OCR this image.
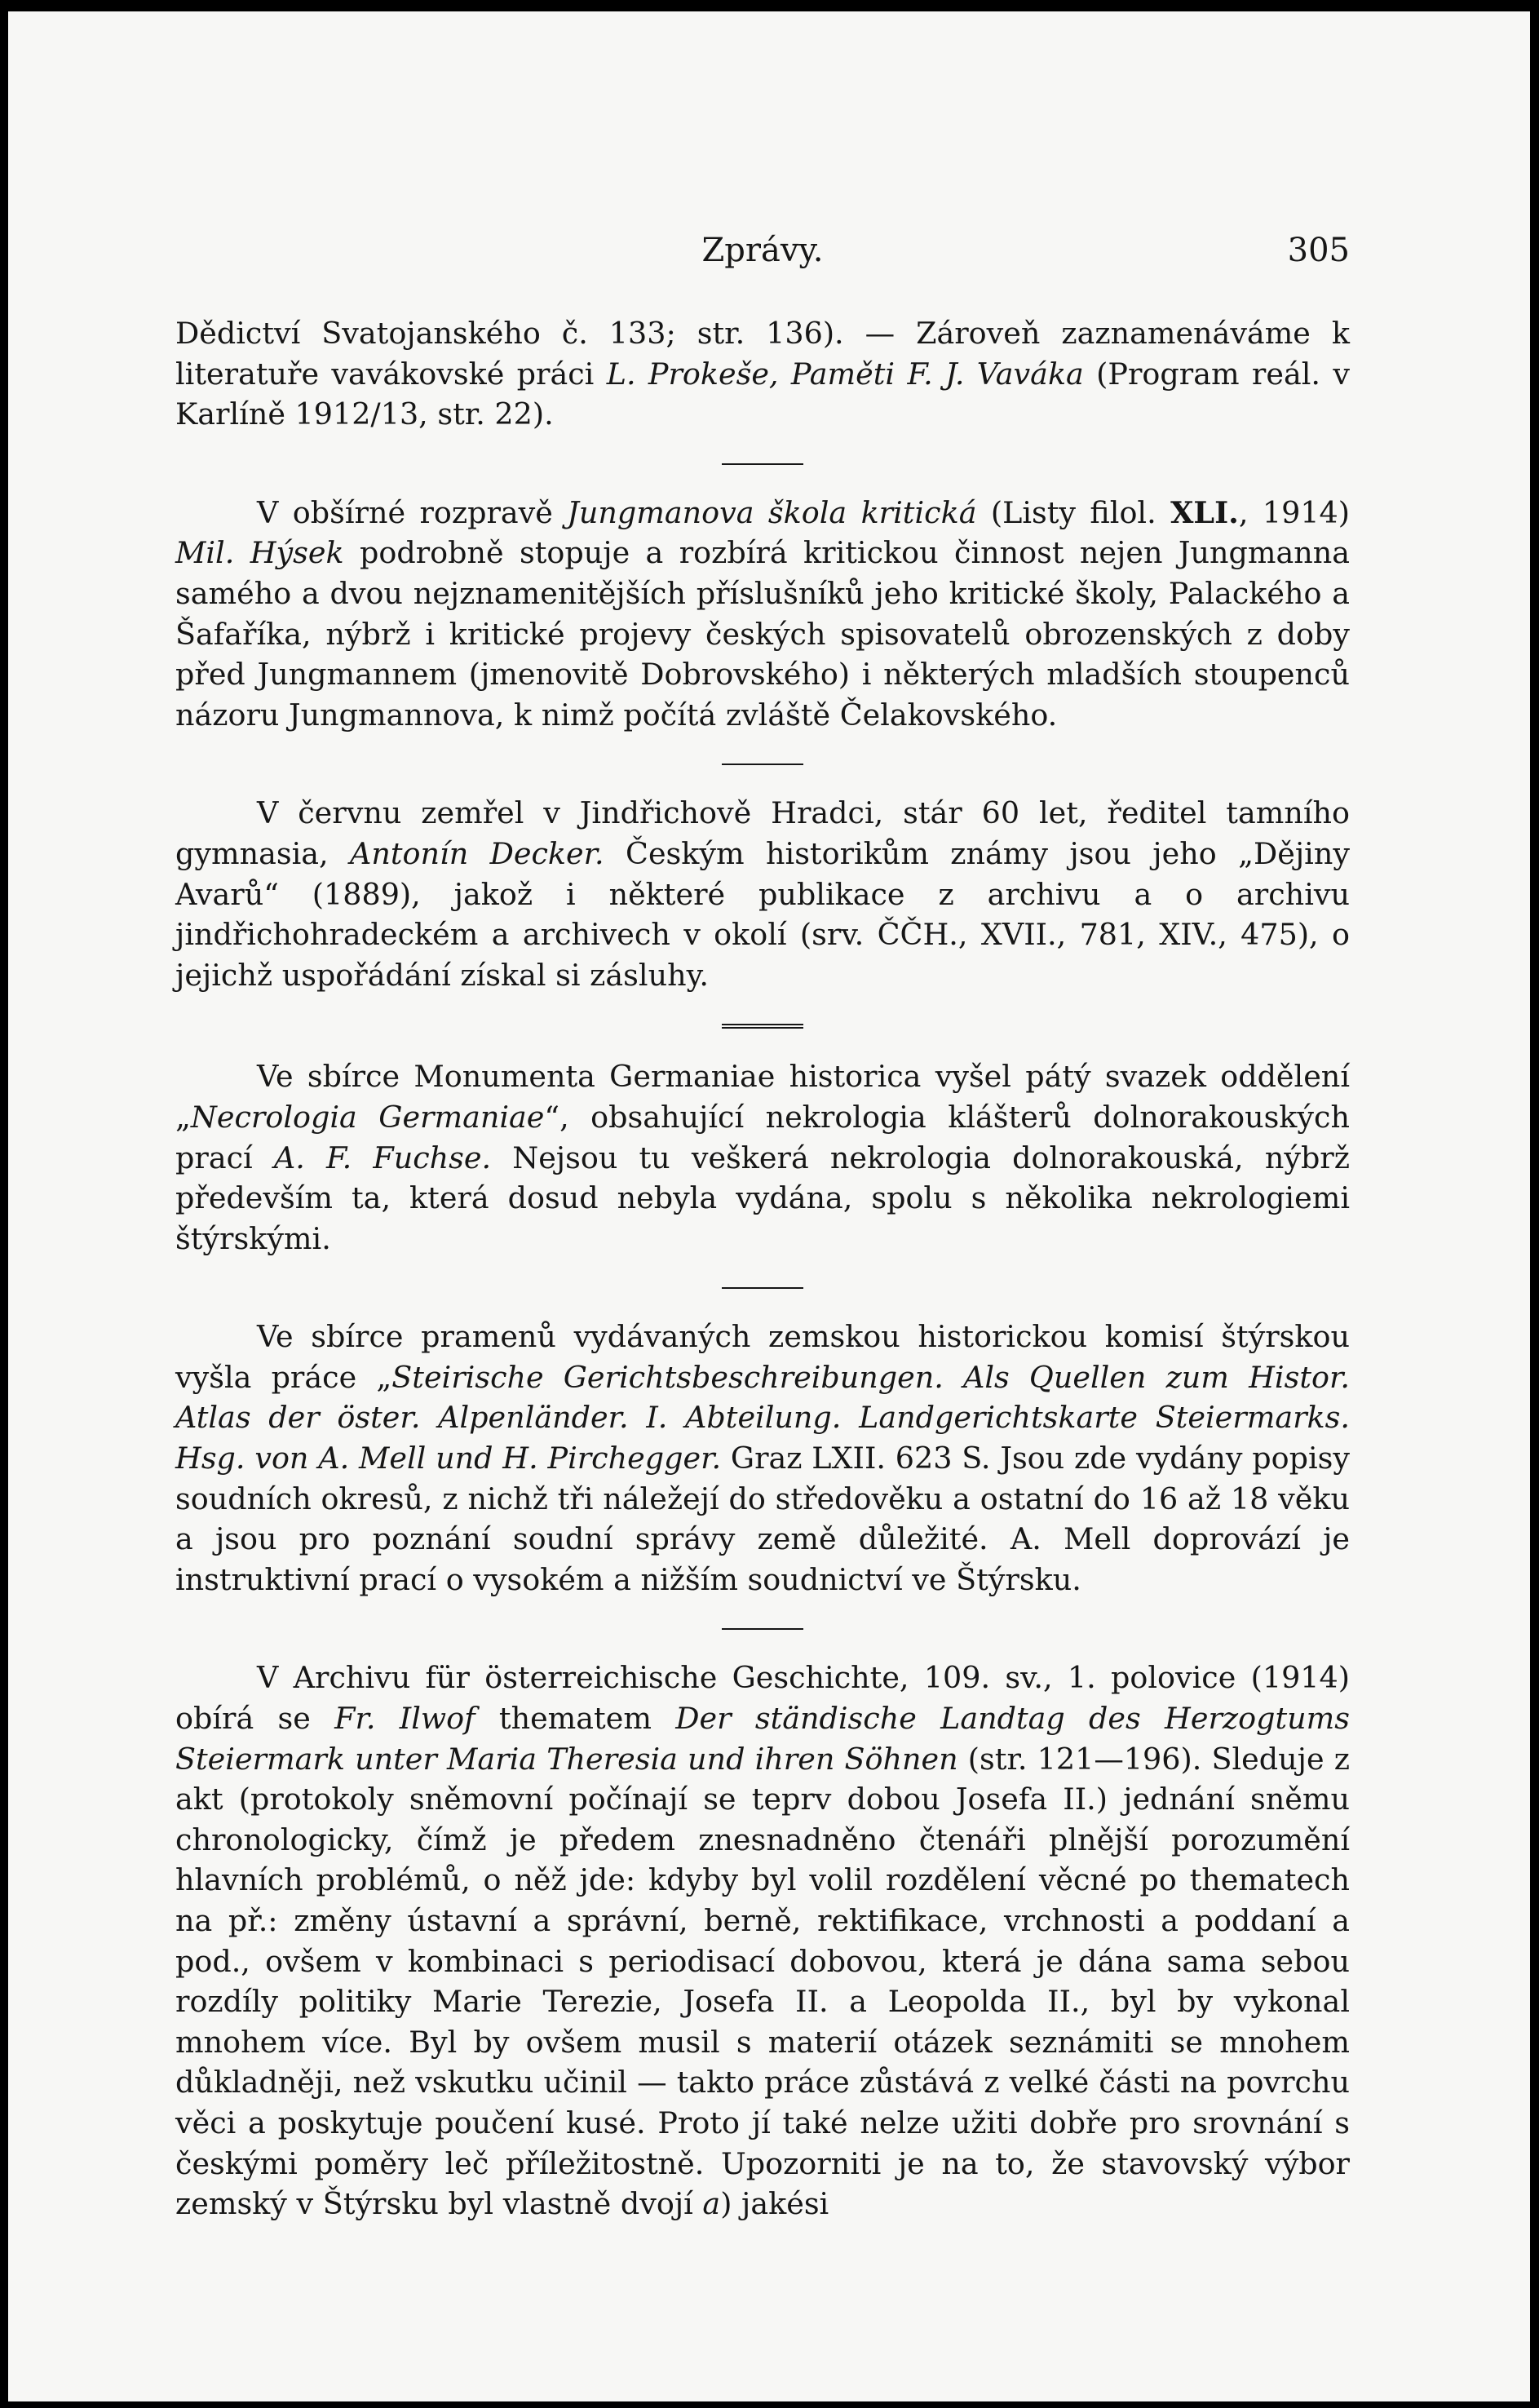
Zprávy.	305

Dědictví Svatojanského č. 133; str. 136). — Zároveň zaznamenáváme k literatuře vavákovské práci L. Prokeše, Paměti F. J. Vaváka (Program reál. v Karlíně 1912/13, str. 22).

V obšírné rozpravě Jungmanova škola kritická (Listy filol. XLI., 1914) Mil. Hýsek podrobně stopuje a rozbírá kritickou činnost nejen Jungmanna samého a dvou nejznamenitějších příslušníků jeho kritické školy, Palackého a Šafaříka, nýbrž i kritické projevy českých spisovatelů obrozenských z doby před Jungmannem (jmenovitě Dobrovského) i některých mladších stoupenců názoru Jungmannova, k nimž počítá zvláště Čelakovského.

V červnu zemřel v Jindřichově Hradci, stár 60 let, ředitel tamního gymnasia, Antonín Decker. Českým historikům známy jsou jeho „Dějiny Avarů“ (1889), jakož i některé publikace z archivu a o archivu jindřichohradeckém a archivech v okolí (srv. ČČH., XVII., 781, XIV., 475), o jejichž uspořádání získal si zásluhy.

Ve sbírce Monumenta Germaniae historica vyšel pátý svazek oddělení „Necrologia Germaniae“, obsahující nekrologia klášterů dolnorakouských prací A. F. Fuchse. Nejsou tu veškerá nekrologia dolnorakouská, nýbrž především ta, která dosud nebyla vydána, spolu s několika nekrologiemi štýrskými.

Ve sbírce pramenů vydávaných zemskou historickou komisí štýrskou vyšla práce „Steirische Gerichtsbeschreibungen. Als Quellen zum Histor. Atlas der öster. Alpenländer. I. Abteilung. Landgerichtskarte Steiermarks. Hsg. von A. Mell und H. Pirchegger. Graz LXII. 623 S. Jsou zde vydány popisy soudních okresů, z nichž tři náležejí do středověku a ostatní do 16 až 18 věku a jsou pro poznání soudní správy země důležité. A. Mell doprovází je instruktivní prací o vysokém a nižším soudnictví ve Štýrsku.

V Archivu für österreichische Geschichte, 109. sv., 1. polovice (1914) obírá se Fr. Ilwof thematem Der ständische Landtag des Herzogtums Steiermark unter Maria Theresia und ihren Söhnen (str. 121—196). Sleduje z akt (protokoly sněmovní počínají se teprv dobou Josefa II.) jednání sněmu chronologicky, čímž je předem znesnadněno čtenáři plnější porozumění hlavních problémů, o něž jde: kdyby byl volil rozdělení věcné po thematech na př.: změny ústavní a správní, berně, rektifikace, vrchnosti a poddaní a pod., ovšem v kombinaci s periodisací dobovou, která je dána sama sebou rozdíly politiky Marie Terezie, Josefa II. a Leopolda II., byl by vykonal mnohem více. Byl by ovšem musil s materií otázek seznámiti se mnohem důkladněji, než vskutku učinil — takto práce zůstává z velké části na povrchu věci a poskytuje poučení kusé. Proto jí také nelze užiti dobře pro srovnání s českými poměry leč příležitostně. Upozorniti je na to, že stavovský výbor zemský v Štýrsku byl vlastně dvojí a) jakési
